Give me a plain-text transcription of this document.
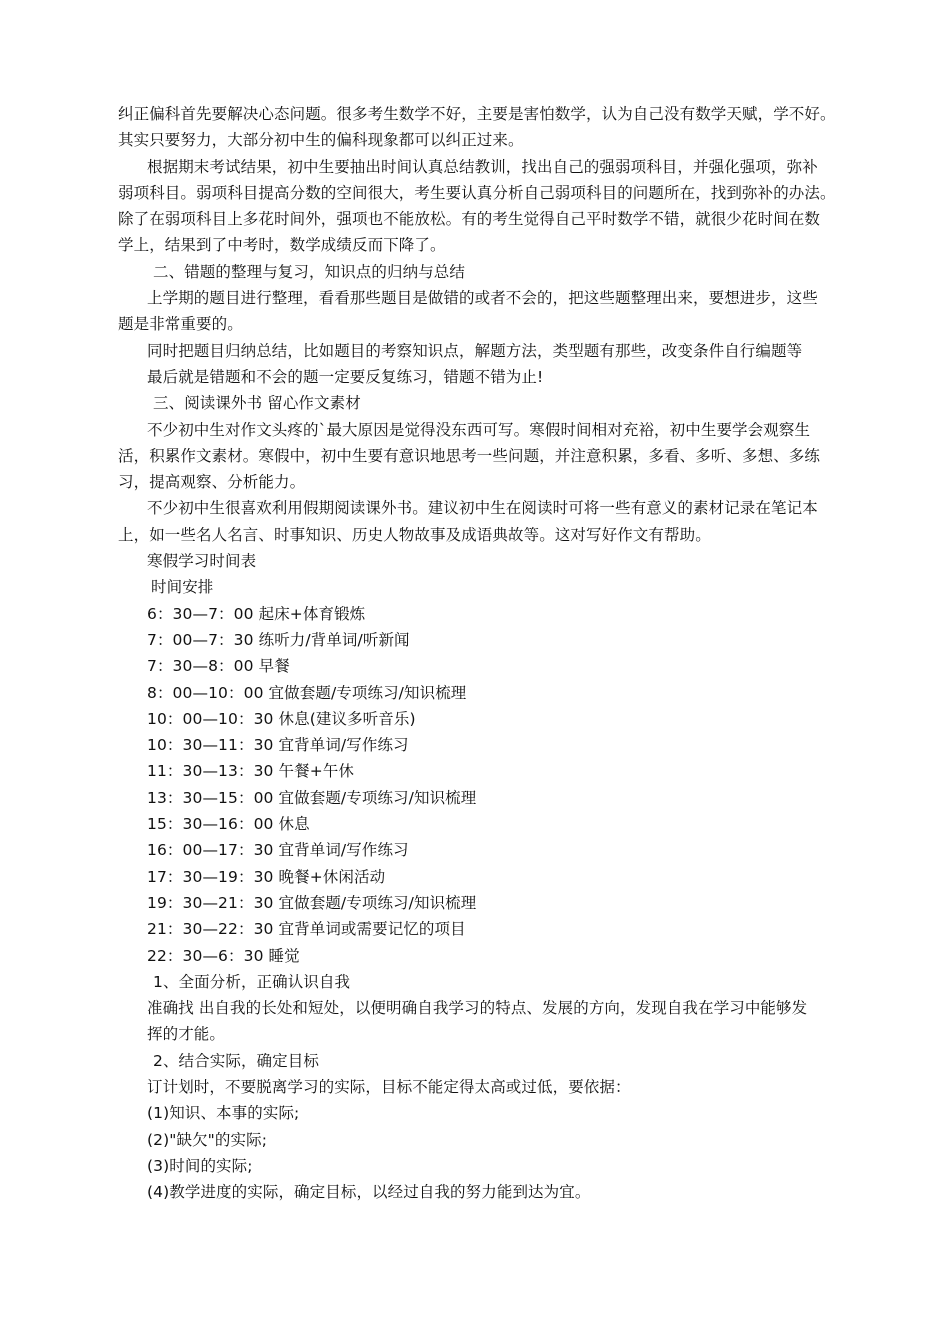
纠正偏科首先要解决心态问题。很多考生数学不好，主要是害怕数学，认为自己没有数学天赋，学不好。
其实只要努力，大部分初中生的偏科现象都可以纠正过来。
根据期末考试结果，初中生要抽出时间认真总结教训，找出自己的强弱项科目，并强化强项，弥补
弱项科目。弱项科目提高分数的空间很大，考生要认真分析自己弱项科目的问题所在，找到弥补的办法。
除了在弱项科目上多花时间外，强项也不能放松。有的考生觉得自己平时数学不错，就很少花时间在数
学上，结果到了中考时，数学成绩反而下降了。
二、错题的整理与复习，知识点的归纳与总结
上学期的题目进行整理，看看那些题目是做错的或者不会的，把这些题整理出来，要想进步，这些
题是非常重要的。
同时把题目归纳总结，比如题目的考察知识点，解题方法，类型题有那些，改变条件自行编题等
最后就是错题和不会的题一定要反复练习，错题不错为止!
三、阅读课外书 留心作文素材
不少初中生对作文头疼的`最大原因是觉得没东西可写。寒假时间相对充裕，初中生要学会观察生
活，积累作文素材。寒假中，初中生要有意识地思考一些问题，并注意积累，多看、多听、多想、多练
习，提高观察、分析能力。
不少初中生很喜欢利用假期阅读课外书。建议初中生在阅读时可将一些有意义的素材记录在笔记本
上，如一些名人名言、时事知识、历史人物故事及成语典故等。这对写好作文有帮助。
寒假学习时间表
时间安排
6：30—7：00 起床+体育锻炼
7：00—7：30 练听力/背单词/听新闻
7：30—8：00 早餐
8：00—10：00 宜做套题/专项练习/知识梳理
10：00—10：30 休息(建议多听音乐)
10：30—11：30 宜背单词/写作练习
11：30—13：30 午餐+午休
13：30—15：00 宜做套题/专项练习/知识梳理
15：30—16：00 休息
16：00—17：30 宜背单词/写作练习
17：30—19：30 晚餐+休闲活动
19：30—21：30 宜做套题/专项练习/知识梳理
21：30—22：30 宜背单词或需要记忆的项目
22：30—6：30 睡觉
1、全面分析，正确认识自我
准确找 出自我的长处和短处，以便明确自我学习的特点、发展的方向，发现自我在学习中能够发
挥的才能。
2、结合实际，确定目标
订计划时，不要脱离学习的实际，目标不能定得太高或过低，要依据：
(1)知识、本事的实际;
(2)"缺欠"的实际;
(3)时间的实际;
(4)教学进度的实际，确定目标，以经过自我的努力能到达为宜。
